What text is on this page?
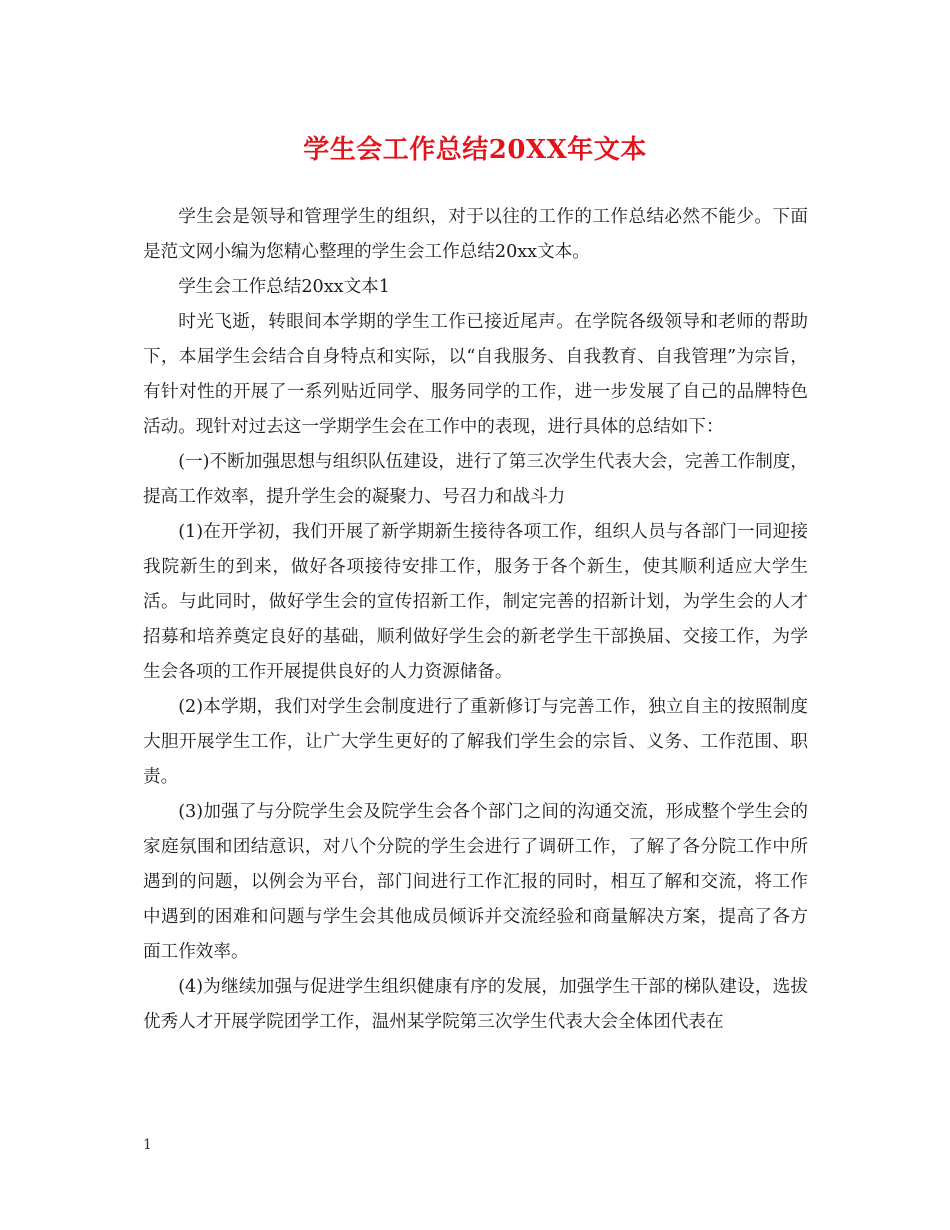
学生会工作总结20XX年文本

学生会是领导和管理学生的组织，对于以往的工作的工作总结必然不能少。下面是范文网小编为您精心整理的学生会工作总结20xx文本。

学生会工作总结20xx文本1

时光飞逝，转眼间本学期的学生工作已接近尾声。在学院各级领导和老师的帮助下，本届学生会结合自身特点和实际，以“自我服务、自我教育、自我管理”为宗旨，有针对性的开展了一系列贴近同学、服务同学的工作，进一步发展了自己的品牌特色活动。现针对过去这一学期学生会在工作中的表现，进行具体的总结如下：

(一)不断加强思想与组织队伍建设，进行了第三次学生代表大会，完善工作制度，提高工作效率，提升学生会的凝聚力、号召力和战斗力

(1)在开学初，我们开展了新学期新生接待各项工作，组织人员与各部门一同迎接我院新生的到来，做好各项接待安排工作，服务于各个新生，使其顺利适应大学生活。与此同时，做好学生会的宣传招新工作，制定完善的招新计划，为学生会的人才招募和培养奠定良好的基础，顺利做好学生会的新老学生干部换届、交接工作，为学生会各项的工作开展提供良好的人力资源储备。

(2)本学期，我们对学生会制度进行了重新修订与完善工作，独立自主的按照制度大胆开展学生工作，让广大学生更好的了解我们学生会的宗旨、义务、工作范围、职责。

(3)加强了与分院学生会及院学生会各个部门之间的沟通交流，形成整个学生会的家庭氛围和团结意识，对八个分院的学生会进行了调研工作，了解了各分院工作中所遇到的问题，以例会为平台，部门间进行工作汇报的同时，相互了解和交流，将工作中遇到的困难和问题与学生会其他成员倾诉并交流经验和商量解决方案，提高了各方面工作效率。

(4)为继续加强与促进学生组织健康有序的发展，加强学生干部的梯队建设，选拔优秀人才开展学院团学工作，温州某学院第三次学生代表大会全体团代表在

1
